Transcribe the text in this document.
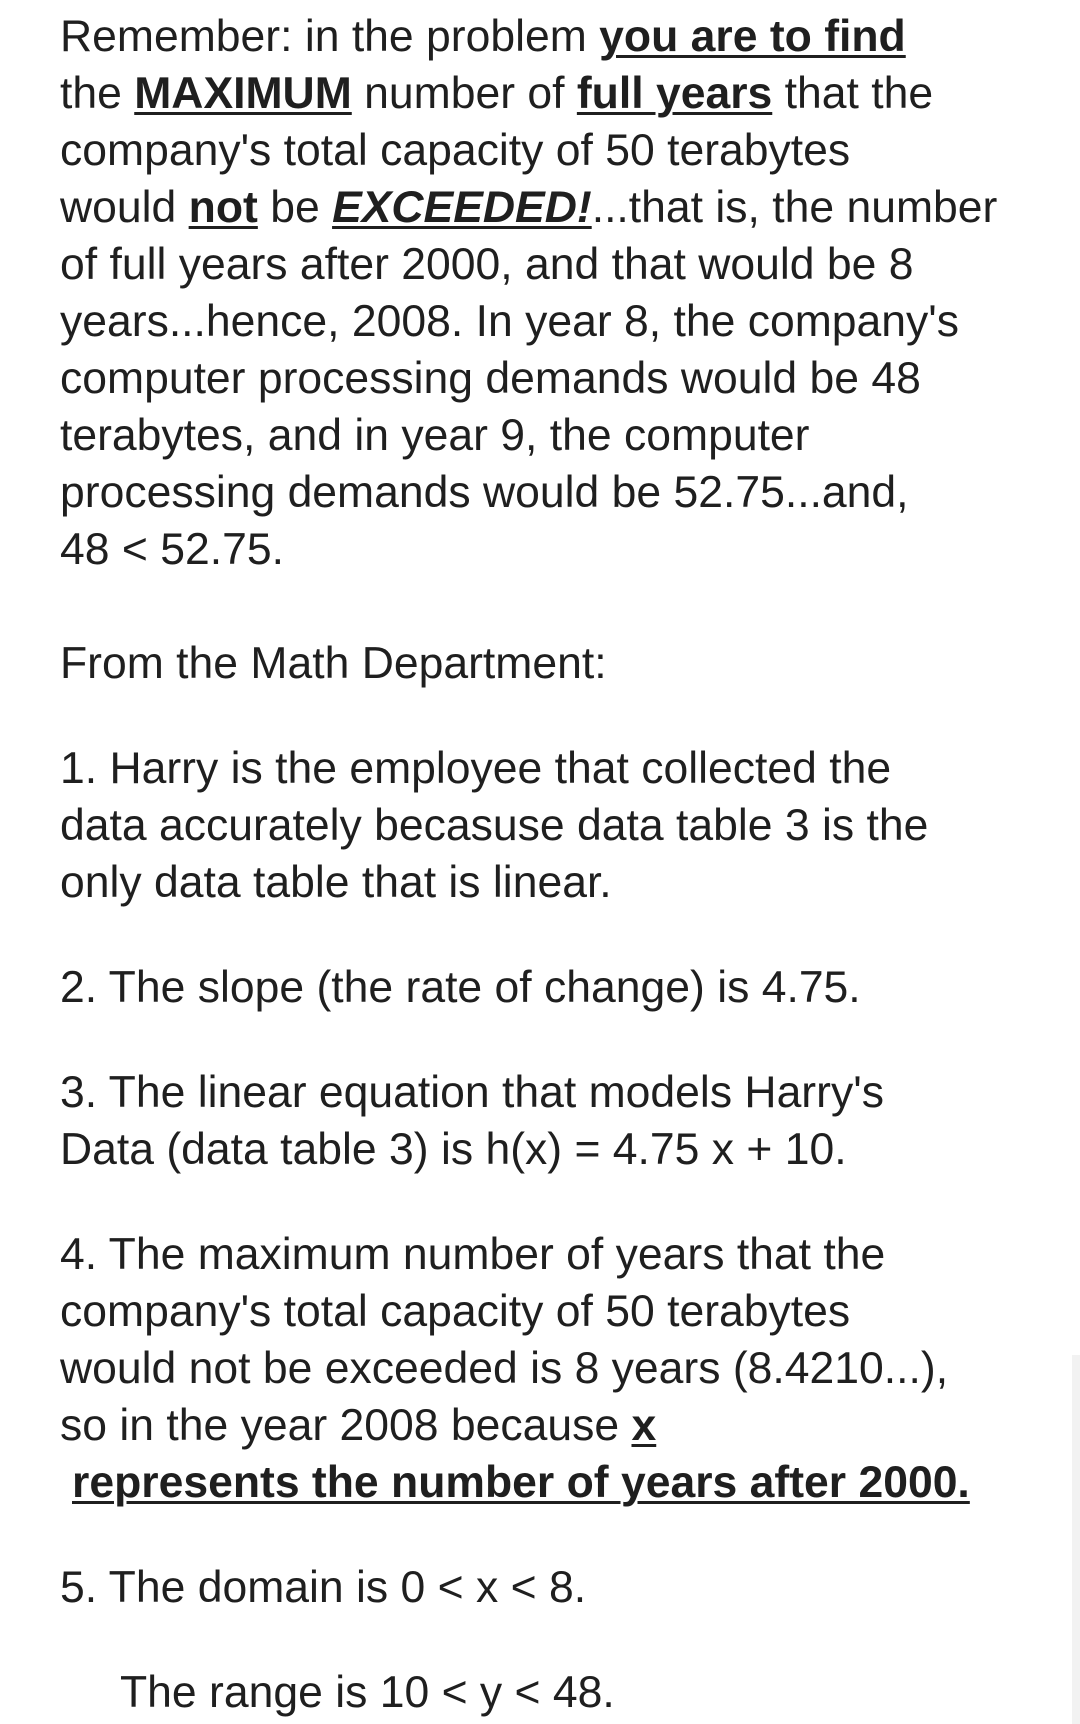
Remember: in the problem you are to find

the MAXIMUM number of full years that the

company's total capacity of 50 terabytes

would not be EXCEEDED!...that is, the number

of full years after 2000, and that would be 8

years...hence, 2008. In year 8, the company's

computer processing demands would be 48

terabytes, and in year 9, the computer

processing demands would be 52.75...and,

48 < 52.75.

From the Math Department:

1. Harry is the employee that collected the

data accurately becasuse data table 3 is the

only data table that is linear.

2. The slope (the rate of change) is 4.75.

3. The linear equation that models Harry's

Data (data table 3) is h(x) = 4.75 x + 10.

4. The maximum number of years that the

company's total capacity of 50 terabytes

would not be exceeded is 8 years (8.4210...),

so in the year 2008 because x

represents the number of years after 2000.

5. The domain is 0 < x < 8.

The range is 10 < y < 48.
